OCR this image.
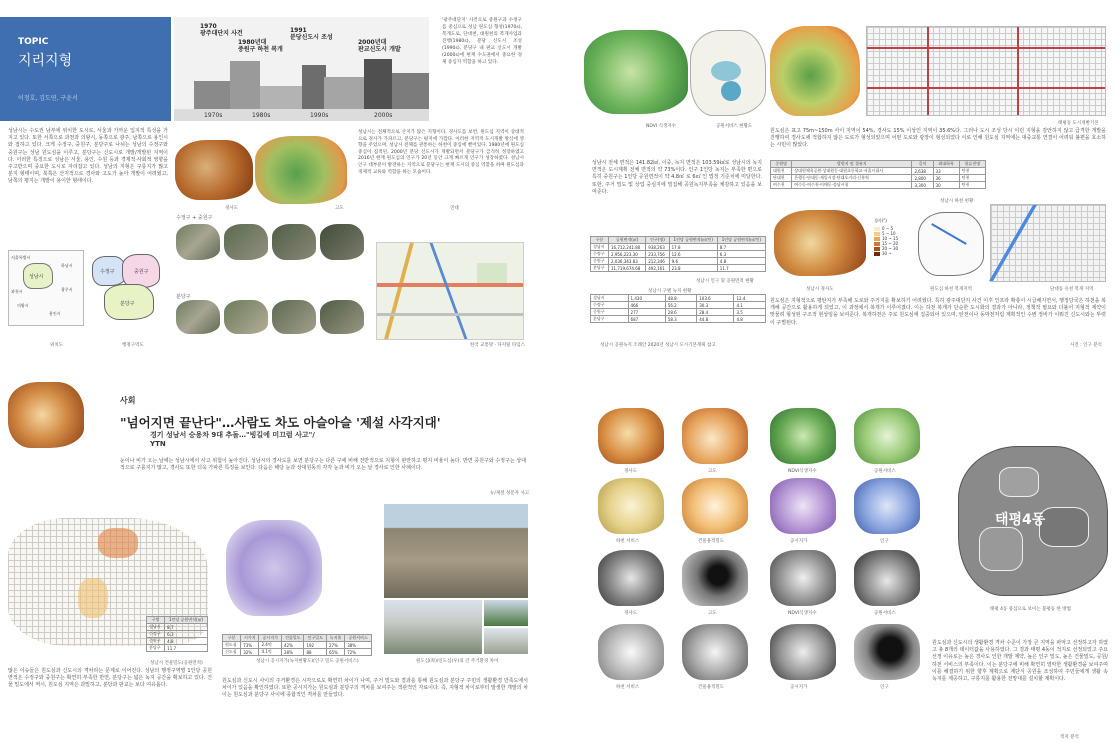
TOPIC
지리지형
이정호, 김도연, 구윤서
1970
광주대단지 사건
1980년대
중원구 하천 복개
1991
분당신도시 조성
2000년대
판교신도시 개발
1970s	1980s	1990s	2000s
'광주대단지' 사건으로 중원구과 수정구를 중심으로 성남 원도심 형성(1970s), 복개도로, 단대천, 대원천의 복개사업과 진행(1980s), 분당 신도시 조성(1990s), 분당구 내 판교 신도시 개발(2000s)에 현재 수도권에서 중요한 경제 중심지 역할을 하고 있다.
성남시는 수도권 남부에 위치한 도시로, 서울과 가까운 입지적 특성을 가지고 있다. 또한 서쪽으로 과천과 의왕시, 동쪽으로 광주, 남쪽으로 용인시와 접하고 있다. 크게 수정구, 중원구, 분당구로 나뉘는 성남의 수정구와 중원구는 성남 원도심을 이루고, 분당구는 신도시로 개발/개발된 지역이다. 이러한 특징으로 성남은 서울, 용인, 수원 등과 경제적·사회적 영향을 주고받으며 중요한 도시로 자리잡고 있다. 성남의 지형은 구릉지가 많고 분지 형태이며, 북쪽은 산지적으로 경사와 고도가 높아 개발이 어려웠고, 남쪽의 평지는 개발이 용이한 형태이다.
경사도	고도
성남시는 전체적으로 산지가 많은 지형이다. 경사도를 보면, 원도심 지역이 상대적으로 경사가 가파르고, 분당구는 평지에 가깝다. 이러한 지역적 도시개발 방식에 영향을 주었으며, 성남시 전체를 관통하는 하천이 중심에 뻗어있다. 1980년에 원도심 중심이 집적된, 2000년 분당 신도시가 개발되면서 분당구가 급격히 성장하였고 2016년 현재 원도심의 인구가 20년 동안 크게 빠르게 인구가 성장하였다. 성남시 인구 대부분이 발전하는 지역으로 분당구는 현재 도시의 중심 역할을 하며 원도심과 경제적 교류와 역할을 하는 모습이다.
연대
성남시
서울특별시
하남시
과천시
의왕시
광주시
용인시
수정구	중원구
분당구
위치도	행정구역도
수정구 + 중원구
분당구
한국 교통망 · 다지털 타임스
NDVI 식생지수	공원서비스 현황도
성남시 전체 면적은 141.82㎢, 이중, 녹지 면적은 103.59㎢로 성남시의 녹지면적은 도시계획 전체 면적의 약 73%이다. 인구 1인당 녹지는 부족한 편으로 특히 중원구는 1인당 공원면적이 약 4.8㎡ 로 6㎡ 인 법정 기준치에 미달한다. 또한, 주거 밀도 및 상업 중심지에 밀집해 공원녹지부족을 체감하고 있음을 보여준다.
구분	공원면적(㎡)	인구(명)	1인당 공원면적(㎡/인)	1인당 공원면적(㎡/인)
성남시	16,712,241.80	938,263	17.8	8.7
수정구	2,956,223.30	233,756	12.6	6.3
중원구	2,036,343.83	212,346	9.6	4.8
분당구	11,719,674.68	492,161	23.8	11.7
성남시 인구 및 공원면적 현황
성남시 구별 녹지 현황
성남시	1,430	48.8	103.6	12.4
수정구	466	56.2	30.3	4.1
중원구	277	28.6	28.4	3.5
분당구	687	58.3	44.8	4.8
성남시 공원녹지 조례안 2020년 성남시 도시기본계획 참고
태평동 도시개발기본
원도심은 표고 75m~150m 사이 지역이 54%, 경사도 15% 이상인 지역이 35.6%다. 그러나 도시 조성 당시 이런 지형을 감안하지 않고 급격한 개발을 진행하여 경사도에 적합하지 않은 도로가 형성되었으며 어떤 도로와 광장이 형성되었다 이로 인해 원도심 지역에는 대중교통 연결이 어려워 불편을 호소하는 시민이 많았다.
중원명	발원지 및 경유지	길이	최대하폭	합류천명
대원천	상대원체육공원·상대원동·대원초등학교·서울시립사	2,638	33	탄천
단대천	은행동·단대동·제일시장·단대오거리·신흥역	2,800	36	탄천
여수천	여수동·여수천·이매동·성남시청	3,300	30	탄천
성남시 하천 현황
경사(°)
0 ~ 5
5 ~ 10
10 ~ 15
15 ~ 20
20 ~ 30
30 ~
성남시 경사도	원도심 하천 복개지역	단대동 유천 복개 지역
원도심은 지형적으로 평탄지가 부족해 도로와 주거지를 확보하기 어려웠다. 특히 광주대단지 사건 이후 인프라 확충이 시급해지면서, 행정당국은 하천을 복개해 공간으로 활용하게 되었고, 이 과정에서 복개가 이루어졌다. 이는 하천 복개가 단순한 도시화의 결과가 아니라, 정책적 필요와 더불어 지형적 제약이 맞물려 형성된 구조적 현상임을 보여준다. 복개하천은 주로 원도심에 집중되어 있으며, 탄천이나 동막천처럼 계획적인 수변 정비가 이뤄진 신도시와는 뚜렷이 구별된다.
사진 : 인구 분석
사회
"넘어지면 끝난다"…사람도 차도 아슬아슬 '제설 사각지대'
경기 성남서 승용차 9대 추돌…"빙길에 미끄럼 사고"/
YTN
눈이나 비가 오는 날에는 성남시에서 사고 위험이 높아진다. 성남시의 경사도를 보면 분당구는 다른 구에 비해 전반적으로 지형이 완만하고 평지 비율이 높다. 반면 중원구와 수정구는 상대적으로 구릉지가 많고, 경사도 또한 더욱 가파른 특징을 보인다. 다음은 해당 눈과 상대원동의 각각 눈과 비가 오는 날 경사로 인한 사례이다.
뉴/제설 성문자 사고
구별	1인당 공원면적(㎡)
성남시	8.7
수정구	6.3
중원구	4.8
분당구	11.7
성남시 건물밀도(공원면적)
구분	시가지	공시지가	건물밀도	인구밀도	녹지율	공원서비스
원도심	73%	2.4억	42%	192	27%	38%
신도심	32%	4.1억	28%	88	65%	72%
성남시 공시지가(녹지현황도)(인구 밀도 공원서비스)	원도심(좌)/신도심(우)의 간 주거환경 차이
많은 이슈들은 원도심과 신도시의 격차라는 문제로 이어진다. 성남의 행정구역별 1인당 공원면적은 수정구와 중원구는 확연히 부족한 반면, 분당구는 넓은 녹지 공간을 확보하고 있다. 건물 밀도에서 역시, 원도심 지역은 과밀하고, 분당과 판교는 보다 여유롭다.
원도심과 신도시 사이의 주거환경은 시각으로도 확연히 차이가 나며, 주거 밀도와 결과를 통해 원도심과 분당구 주민의 생활환경 만족도에서 차이가 있음을 확인하였다. 또한 공시지가는 원도심과 분당구의 격차를 보여주는 객관적인 자료이다. 즉, 지형적 차이로부터 발생한 개발의 차이는 원도심과 분당구 사이에 종합적인 격차를 만들었다.
경사도	고도	NDVI식생지수	공원서비스
하천 서비스	건물용적밀도	공시지가	인구
경사도	고도	NDVI식생지수	공원서비스
하천 서비스	건물용적밀도	공시지가	인구
태평4동
태평 4동 중심으로 보이는 불평등 한 방법
원도심과 신도시의 생활환경 격차 수준이 가장 큰 지역을 파악고 선정하고자 하였고 총 8개의 데이터값을 사용하였다. 그 결과 태평 4동이 적지로 선정되었고 주요 선정 이유로는 높은 경사도 인한 개발 제약, 높은 인구 밀도, 높은 건물밀도, 공원/하천 서비스의 부족이다. 이는 분당구에 비해 확연히 열악한 생활환경을 보여주며 이를 해결하기 위한 향후 계획으로 계단식 공원을 조성하여 주민들에게 생활 속 녹지를 제공하고, 구릉지를 활용한 전망대를 설치할 계획이다.
적지 분석
